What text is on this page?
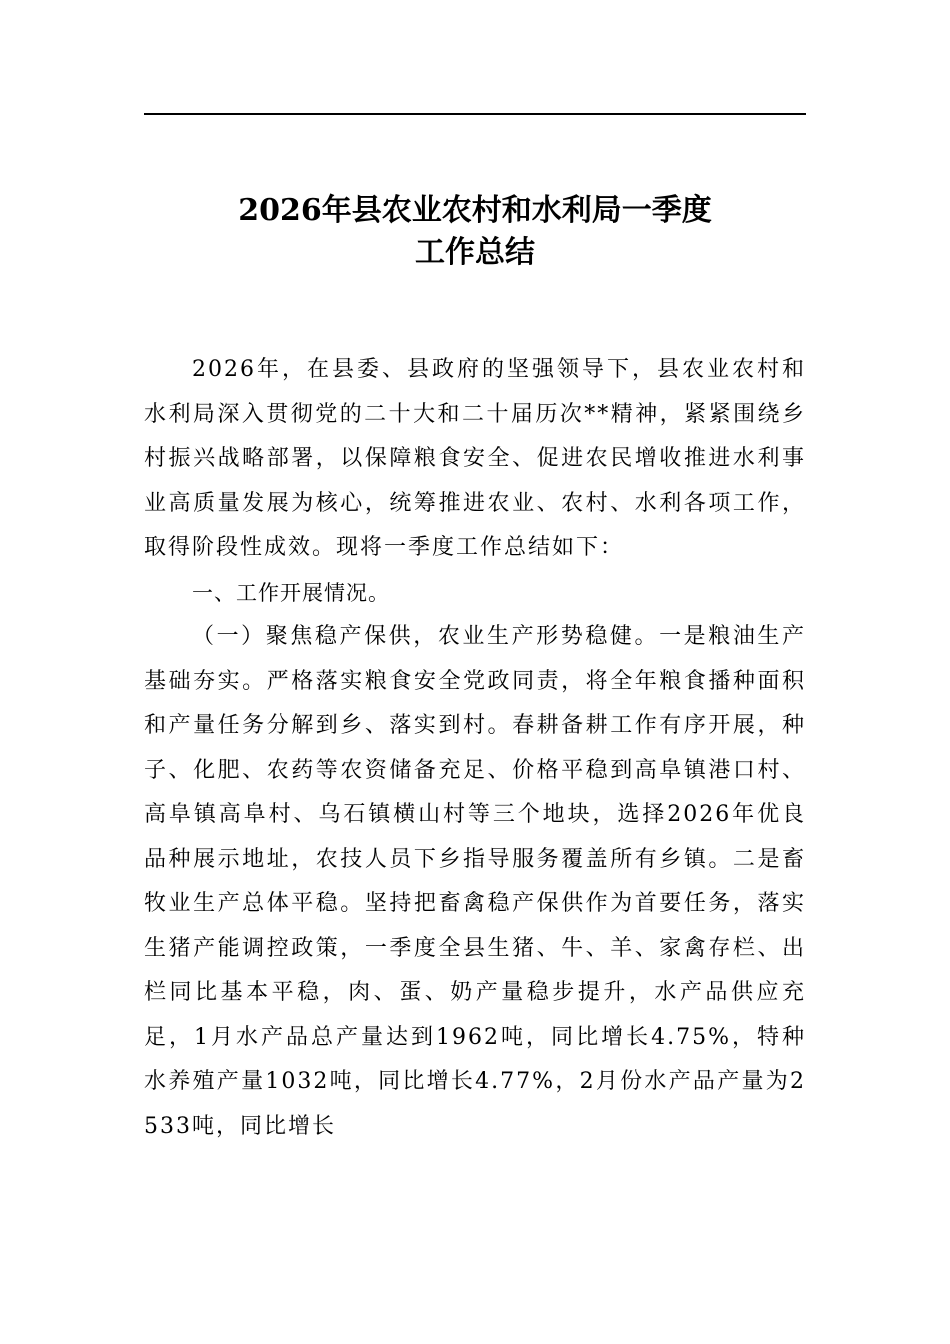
2026年县农业农村和水利局一季度
工作总结

2026年，在县委、县政府的坚强领导下，县农业农村和水利局深入贯彻党的二十大和二十届历次**精神，紧紧围绕乡村振兴战略部署，以保障粮食安全、促进农民增收推进水利事业高质量发展为核心，统筹推进农业、农村、水利各项工作，取得阶段性成效。现将一季度工作总结如下：

一、工作开展情况。

（一）聚焦稳产保供，农业生产形势稳健。一是粮油生产基础夯实。严格落实粮食安全党政同责，将全年粮食播种面积和产量任务分解到乡、落实到村。春耕备耕工作有序开展，种子、化肥、农药等农资储备充足、价格平稳到高阜镇港口村、高阜镇高阜村、乌石镇横山村等三个地块，选择2026年优良品种展示地址，农技人员下乡指导服务覆盖所有乡镇。二是畜牧业生产总体平稳。坚持把畜禽稳产保供作为首要任务，落实生猪产能调控政策，一季度全县生猪、牛、羊、家禽存栏、出栏同比基本平稳，肉、蛋、奶产量稳步提升，水产品供应充足，1月水产品总产量达到1962吨，同比增长4.75%，特种水养殖产量1032吨，同比增长4.77%，2月份水产品产量为2533吨，同比增长
